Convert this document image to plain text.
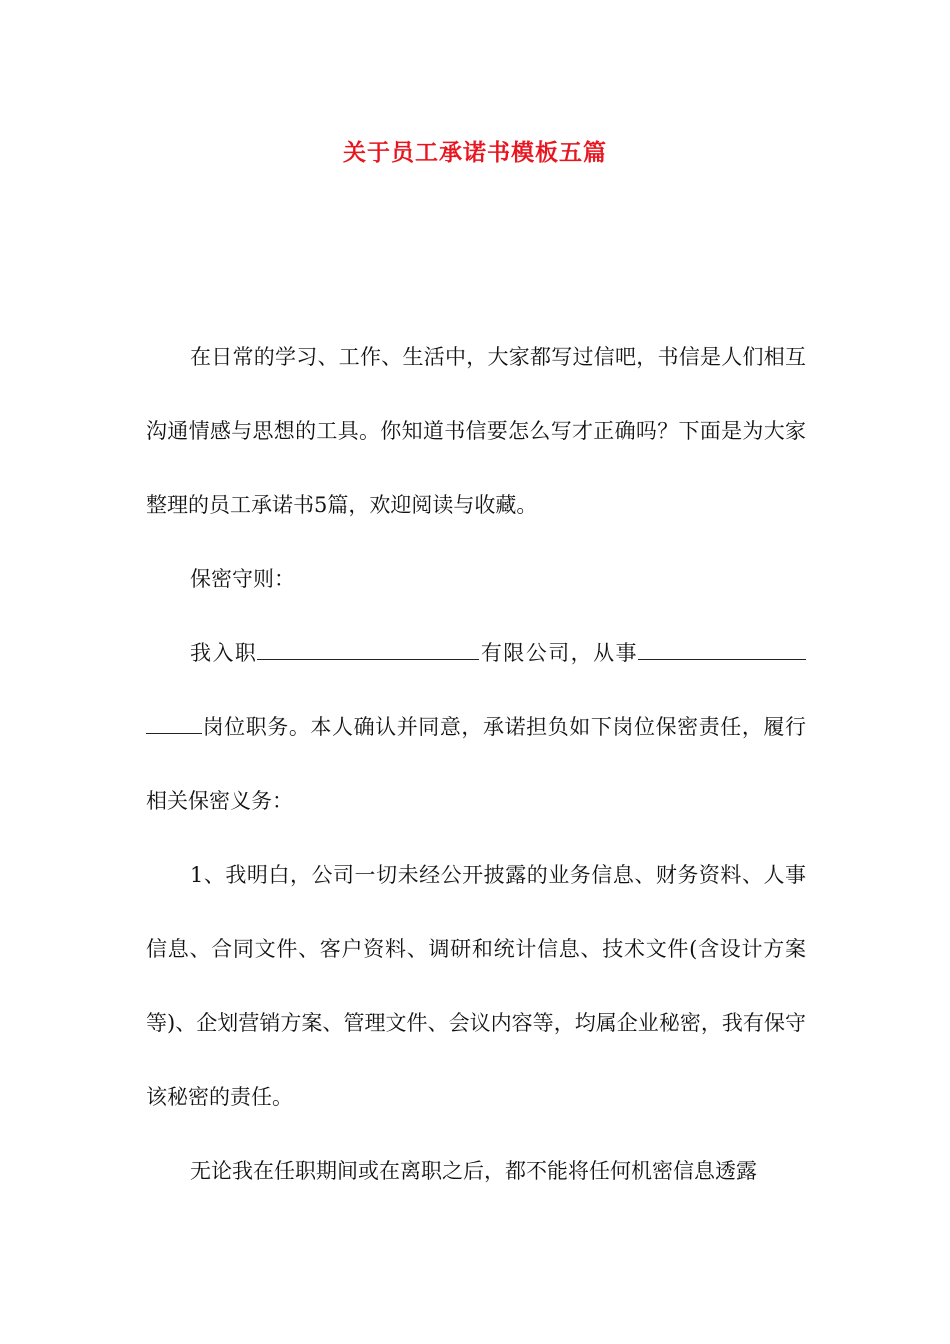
关于员工承诺书模板五篇

在日常的学习、工作、生活中，大家都写过信吧，书信是人们相互沟通情感与思想的工具。你知道书信要怎么写才正确吗？下面是为大家整理的员工承诺书5篇，欢迎阅读与收藏。

保密守则：

我入职	有限公司，从事岗位职务。本人确认并同意，承诺担负如下岗位保密责任，履行相关保密义务：

1、我明白，公司一切未经公开披露的业务信息、财务资料、人事信息、合同文件、客户资料、调研和统计信息、技术文件(含设计方案等)、企划营销方案、管理文件、会议内容等，均属企业秘密，我有保守该秘密的责任。

无论我在任职期间或在离职之后，都不能将任何机密信息透露
